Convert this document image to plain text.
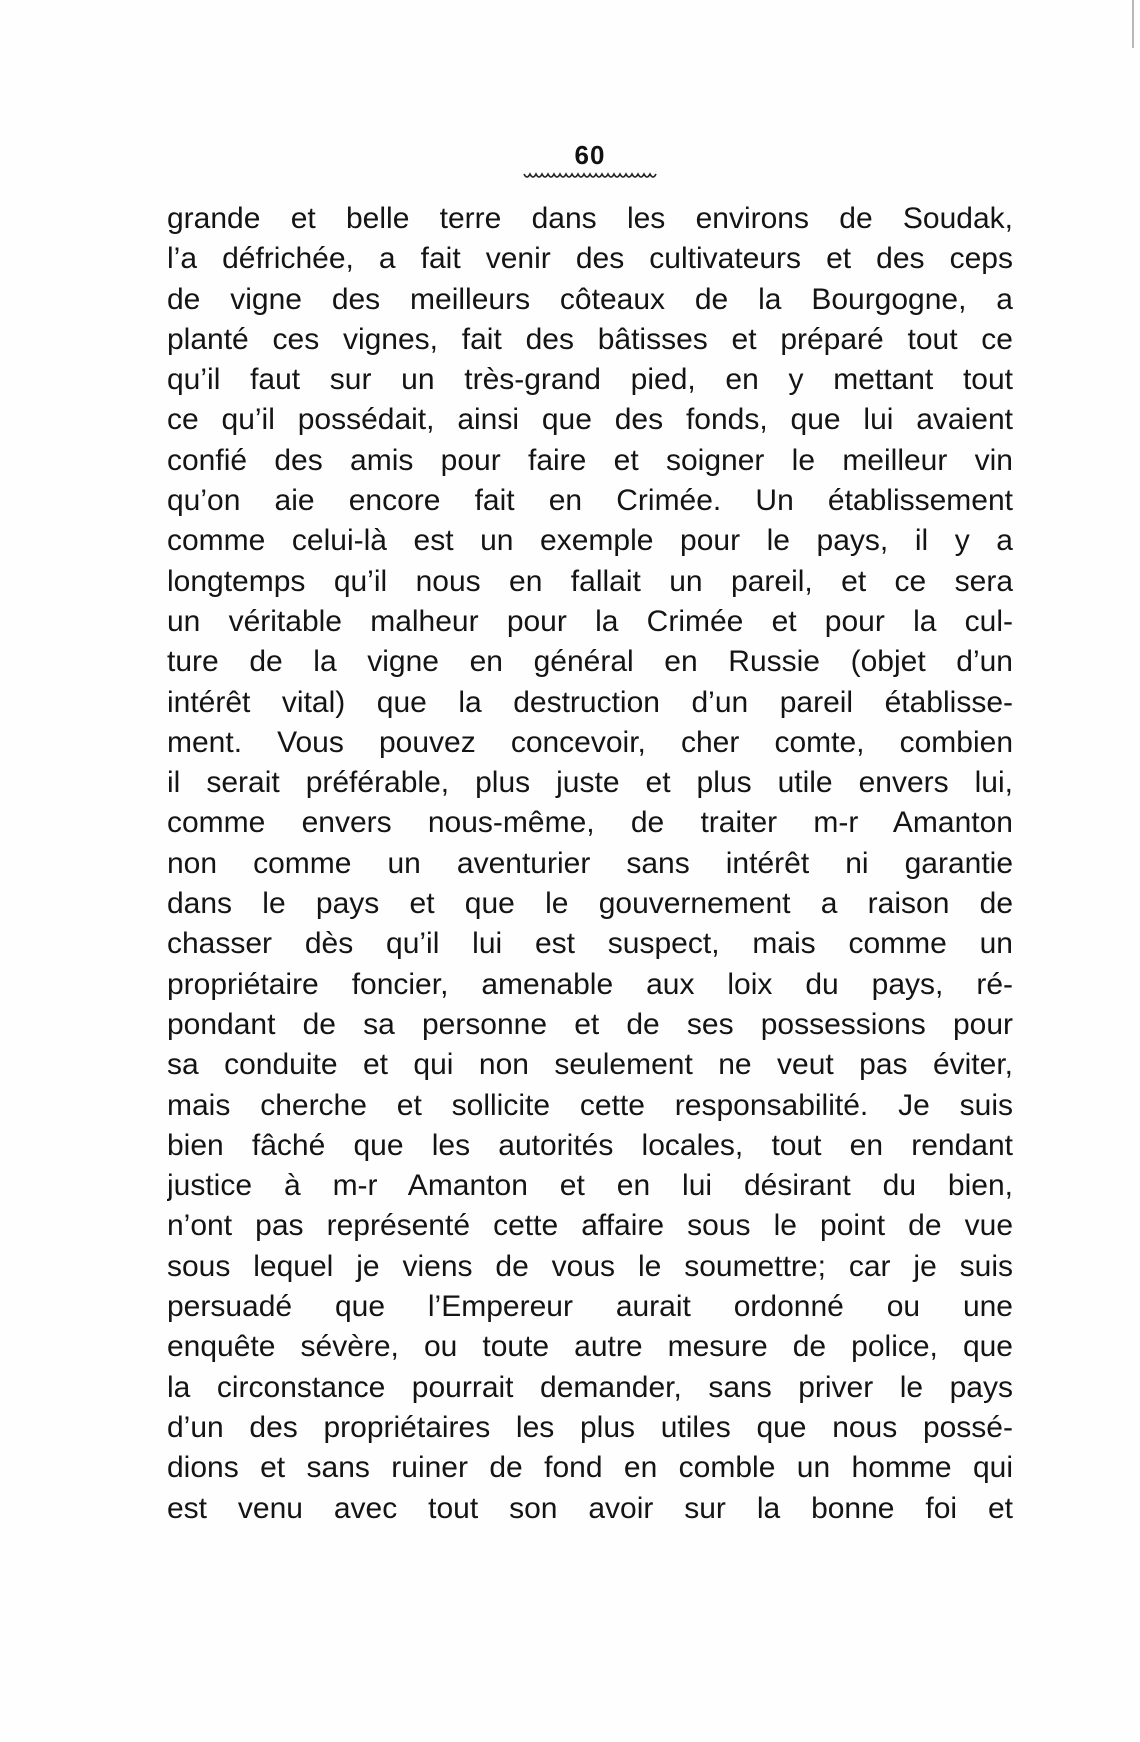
60
grande et belle terre dans les environs de Soudak,
l’a défrichée, a fait venir des cultivateurs et des ceps
de vigne des meilleurs côteaux de la Bourgogne, a
planté ces vignes, fait des bâtisses et préparé tout ce
qu’il faut sur un très-grand pied, en y mettant tout
ce qu’il possédait, ainsi que des fonds, que lui avaient
confié des amis pour faire et soigner le meilleur vin
qu’on aie encore fait en Crimée. Un établissement
comme celui-là est un exemple pour le pays, il y a
longtemps qu’il nous en fallait un pareil, et ce sera
un véritable malheur pour la Crimée et pour la cul-
ture de la vigne en général en Russie (objet d’un
intérêt vital) que la destruction d’un pareil établisse-
ment. Vous pouvez concevoir, cher comte, combien
il serait préférable, plus juste et plus utile envers lui,
comme envers nous-même, de traiter m-r Amanton
non comme un aventurier sans intérêt ni garantie
dans le pays et que le gouvernement a raison de
chasser dès qu’il lui est suspect, mais comme un
propriétaire foncier, amenable aux loix du pays, ré-
pondant de sa personne et de ses possessions pour
sa conduite et qui non seulement ne veut pas éviter,
mais cherche et sollicite cette responsabilité. Je suis
bien fâché que les autorités locales, tout en rendant
justice à m-r Amanton et en lui désirant du bien,
n’ont pas représenté cette affaire sous le point de vue
sous lequel je viens de vous le soumettre; car je suis
persuadé que l’Empereur aurait ordonné ou une
enquête sévère, ou toute autre mesure de police, que
la circonstance pourrait demander, sans priver le pays
d’un des propriétaires les plus utiles que nous possé-
dions et sans ruiner de fond en comble un homme qui
est venu avec tout son avoir sur la bonne foi et
